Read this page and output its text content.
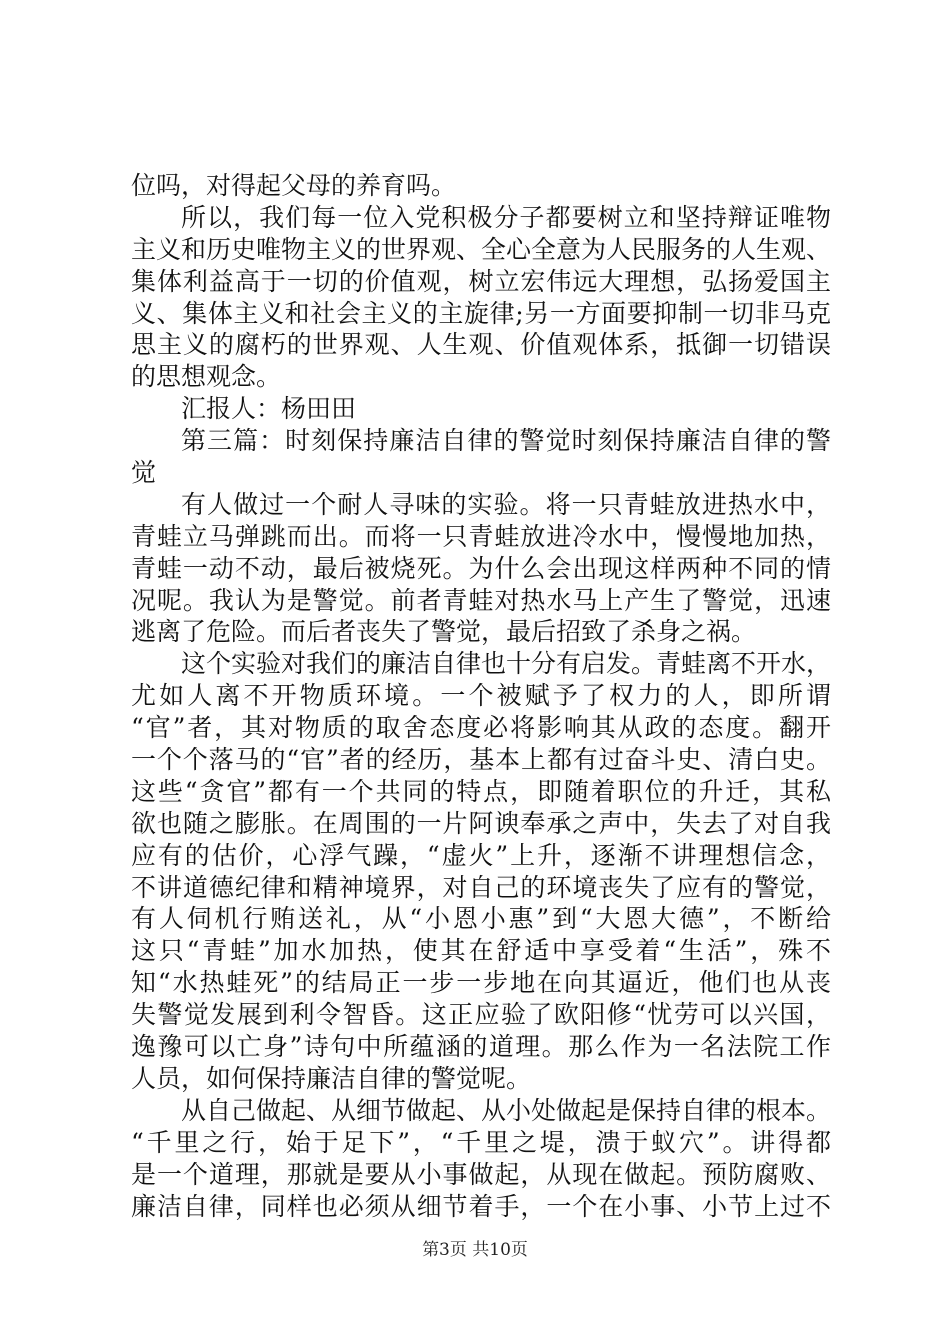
位吗，对得起父母的养育吗。
所以，我们每一位入党积极分子都要树立和坚持辩证唯物
主义和历史唯物主义的世界观、全心全意为人民服务的人生观、
集体利益高于一切的价值观，树立宏伟远大理想，弘扬爱国主
义、集体主义和社会主义的主旋律;另一方面要抑制一切非马克
思主义的腐朽的世界观、人生观、价值观体系，抵御一切错误
的思想观念。
汇报人：杨田田
第三篇：时刻保持廉洁自律的警觉时刻保持廉洁自律的警
觉
有人做过一个耐人寻味的实验。将一只青蛙放进热水中，
青蛙立马弹跳而出。而将一只青蛙放进冷水中，慢慢地加热，
青蛙一动不动，最后被烧死。为什么会出现这样两种不同的情
况呢。我认为是警觉。前者青蛙对热水马上产生了警觉，迅速
逃离了危险。而后者丧失了警觉，最后招致了杀身之祸。
这个实验对我们的廉洁自律也十分有启发。青蛙离不开水，
尤如人离不开物质环境。一个被赋予了权力的人，即所谓
“官”者，其对物质的取舍态度必将影响其从政的态度。翻开
一个个落马的“官”者的经历，基本上都有过奋斗史、清白史。
这些“贪官”都有一个共同的特点，即随着职位的升迁，其私
欲也随之膨胀。在周围的一片阿谀奉承之声中，失去了对自我
应有的估价，心浮气躁，“虚火”上升，逐渐不讲理想信念，
不讲道德纪律和精神境界，对自己的环境丧失了应有的警觉，
有人伺机行贿送礼，从“小恩小惠”到“大恩大德”，不断给
这只“青蛙”加水加热，使其在舒适中享受着“生活”，殊不
知“水热蛙死”的结局正一步一步地在向其逼近，他们也从丧
失警觉发展到利令智昏。这正应验了欧阳修“忧劳可以兴国，
逸豫可以亡身”诗句中所蕴涵的道理。那么作为一名法院工作
人员，如何保持廉洁自律的警觉呢。
从自己做起、从细节做起、从小处做起是保持自律的根本。
“千里之行，始于足下”，“千里之堤，溃于蚁穴”。讲得都
是一个道理，那就是要从小事做起，从现在做起。预防腐败、
廉洁自律，同样也必须从细节着手，一个在小事、小节上过不
第3页 共10页
